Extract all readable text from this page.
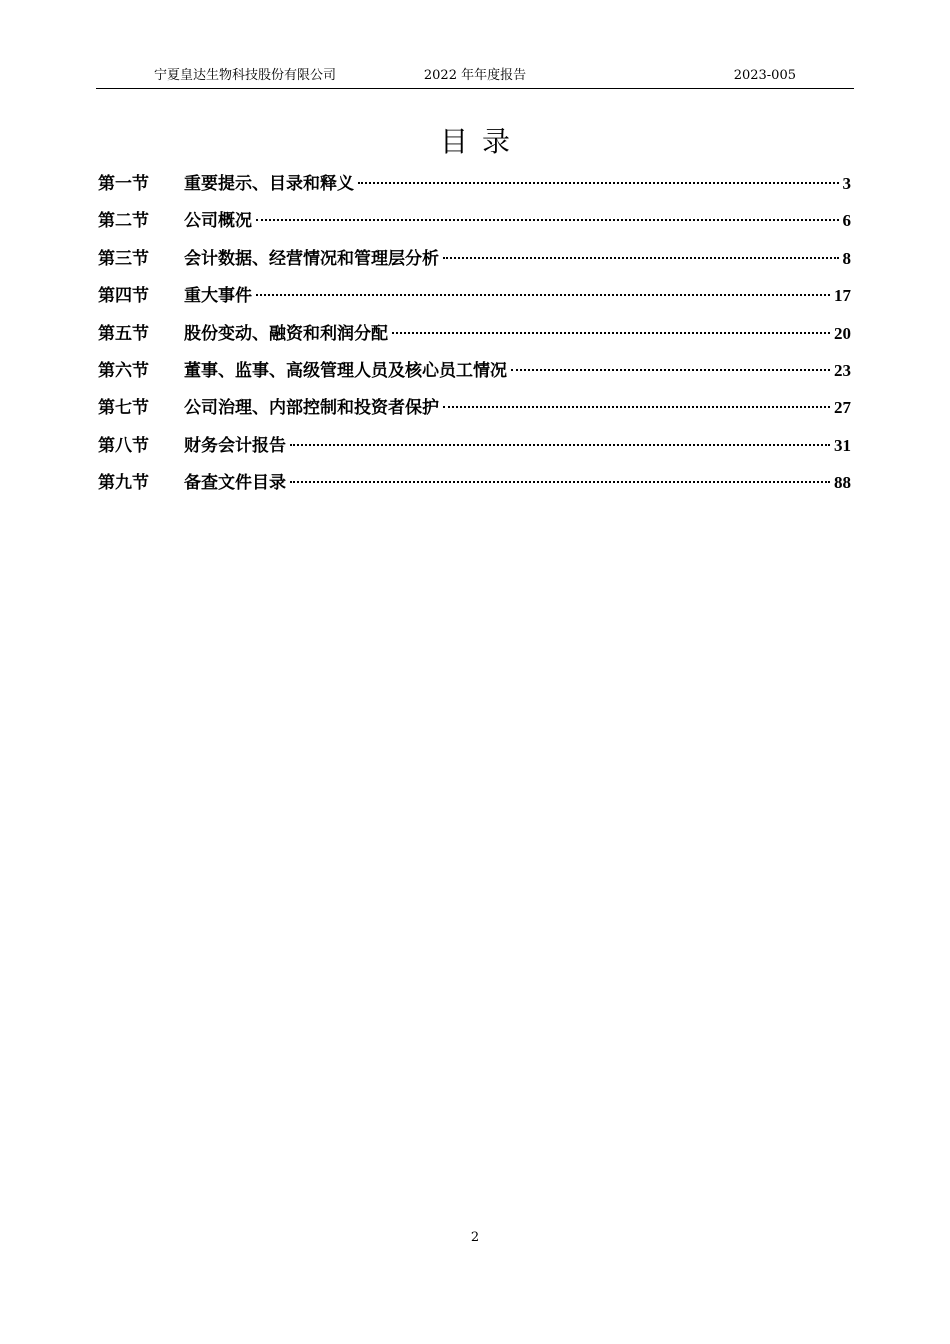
宁夏皇达生物科技股份有限公司	2022 年年度报告	2023-005
目录
第一节	重要提示、目录和释义	3
第二节	公司概况	6
第三节	会计数据、经营情况和管理层分析	8
第四节	重大事件	17
第五节	股份变动、融资和利润分配	20
第六节	董事、监事、高级管理人员及核心员工情况	23
第七节	公司治理、内部控制和投资者保护	27
第八节	财务会计报告	31
第九节	备查文件目录	88
2
